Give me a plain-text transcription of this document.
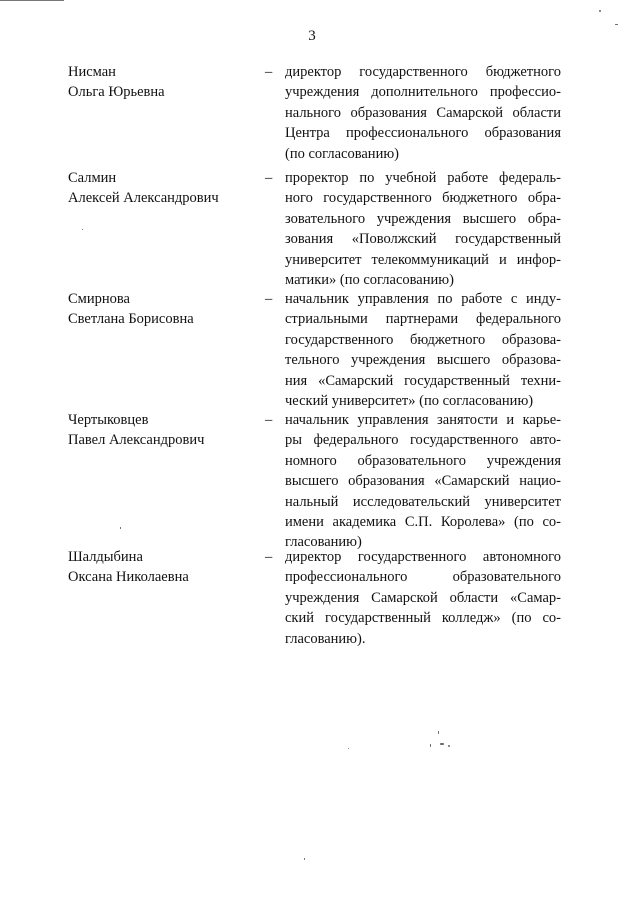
3
Нисман
Ольга Юрьевна
– директор государственного бюджетного
учреждения дополнительного профессио-
нального образования Самарской области
Центра профессионального образования
(по согласованию)
Салмин
Алексей Александрович
– проректор по учебной работе федераль-
ного государственного бюджетного обра-
зовательного учреждения высшего обра-
зования «Поволжский государственный
университет телекоммуникаций и инфор-
матики» (по согласованию)
Смирнова
Светлана Борисовна
– начальник управления по работе с инду-
стриальными партнерами федерального
государственного бюджетного образова-
тельного учреждения высшего образова-
ния «Самарский государственный техни-
ческий университет» (по согласованию)
Чертыковцев
Павел Александрович
– начальник управления занятости и карье-
ры федерального государственного авто-
номного образовательного учреждения
высшего образования «Самарский нацио-
нальный исследовательский университет
имени академика С.П. Королева» (по со-
гласованию)
Шалдыбина
Оксана Николаевна
– директор государственного автономного
профессионального образовательного
учреждения Самарской области «Самар-
ский государственный колледж» (по со-
гласованию).
